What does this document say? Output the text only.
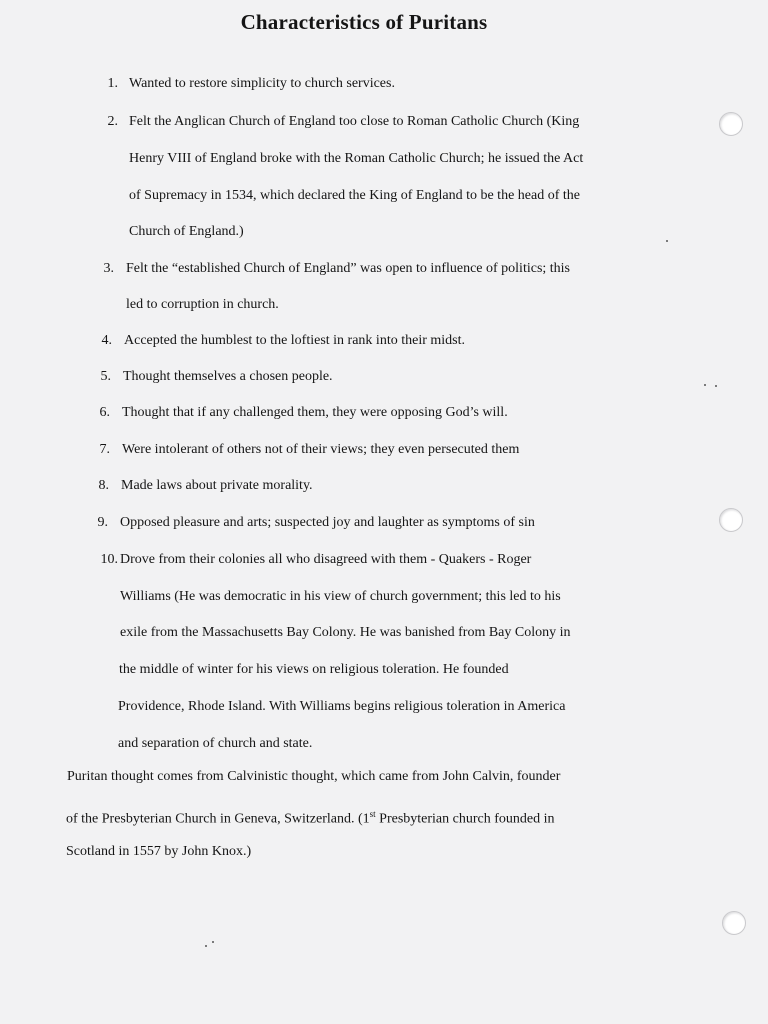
Characteristics of Puritans
1. Wanted to restore simplicity to church services.
2. Felt the Anglican Church of England too close to Roman Catholic Church (King
Henry VIII of England broke with the Roman Catholic Church; he issued the Act
of Supremacy in 1534, which declared the King of England to be the head of the
Church of England.)
3. Felt the “established Church of England” was open to influence of politics; this
led to corruption in church.
4. Accepted the humblest to the loftiest in rank into their midst.
5. Thought themselves a chosen people.
6. Thought that if any challenged them, they were opposing God’s will.
7. Were intolerant of others not of their views; they even persecuted them
8. Made laws about private morality.
9. Opposed pleasure and arts; suspected joy and laughter as symptoms of sin
10. Drove from their colonies all who disagreed with them - Quakers - Roger
Williams (He was democratic in his view of church government; this led to his
exile from the Massachusetts Bay Colony. He was banished from Bay Colony in
the middle of winter for his views on religious toleration. He founded
Providence, Rhode Island. With Williams begins religious toleration in America
and separation of church and state.
Puritan thought comes from Calvinistic thought, which came from John Calvin, founder
of the Presbyterian Church in Geneva, Switzerland. (1st Presbyterian church founded in
Scotland in 1557 by John Knox.)
